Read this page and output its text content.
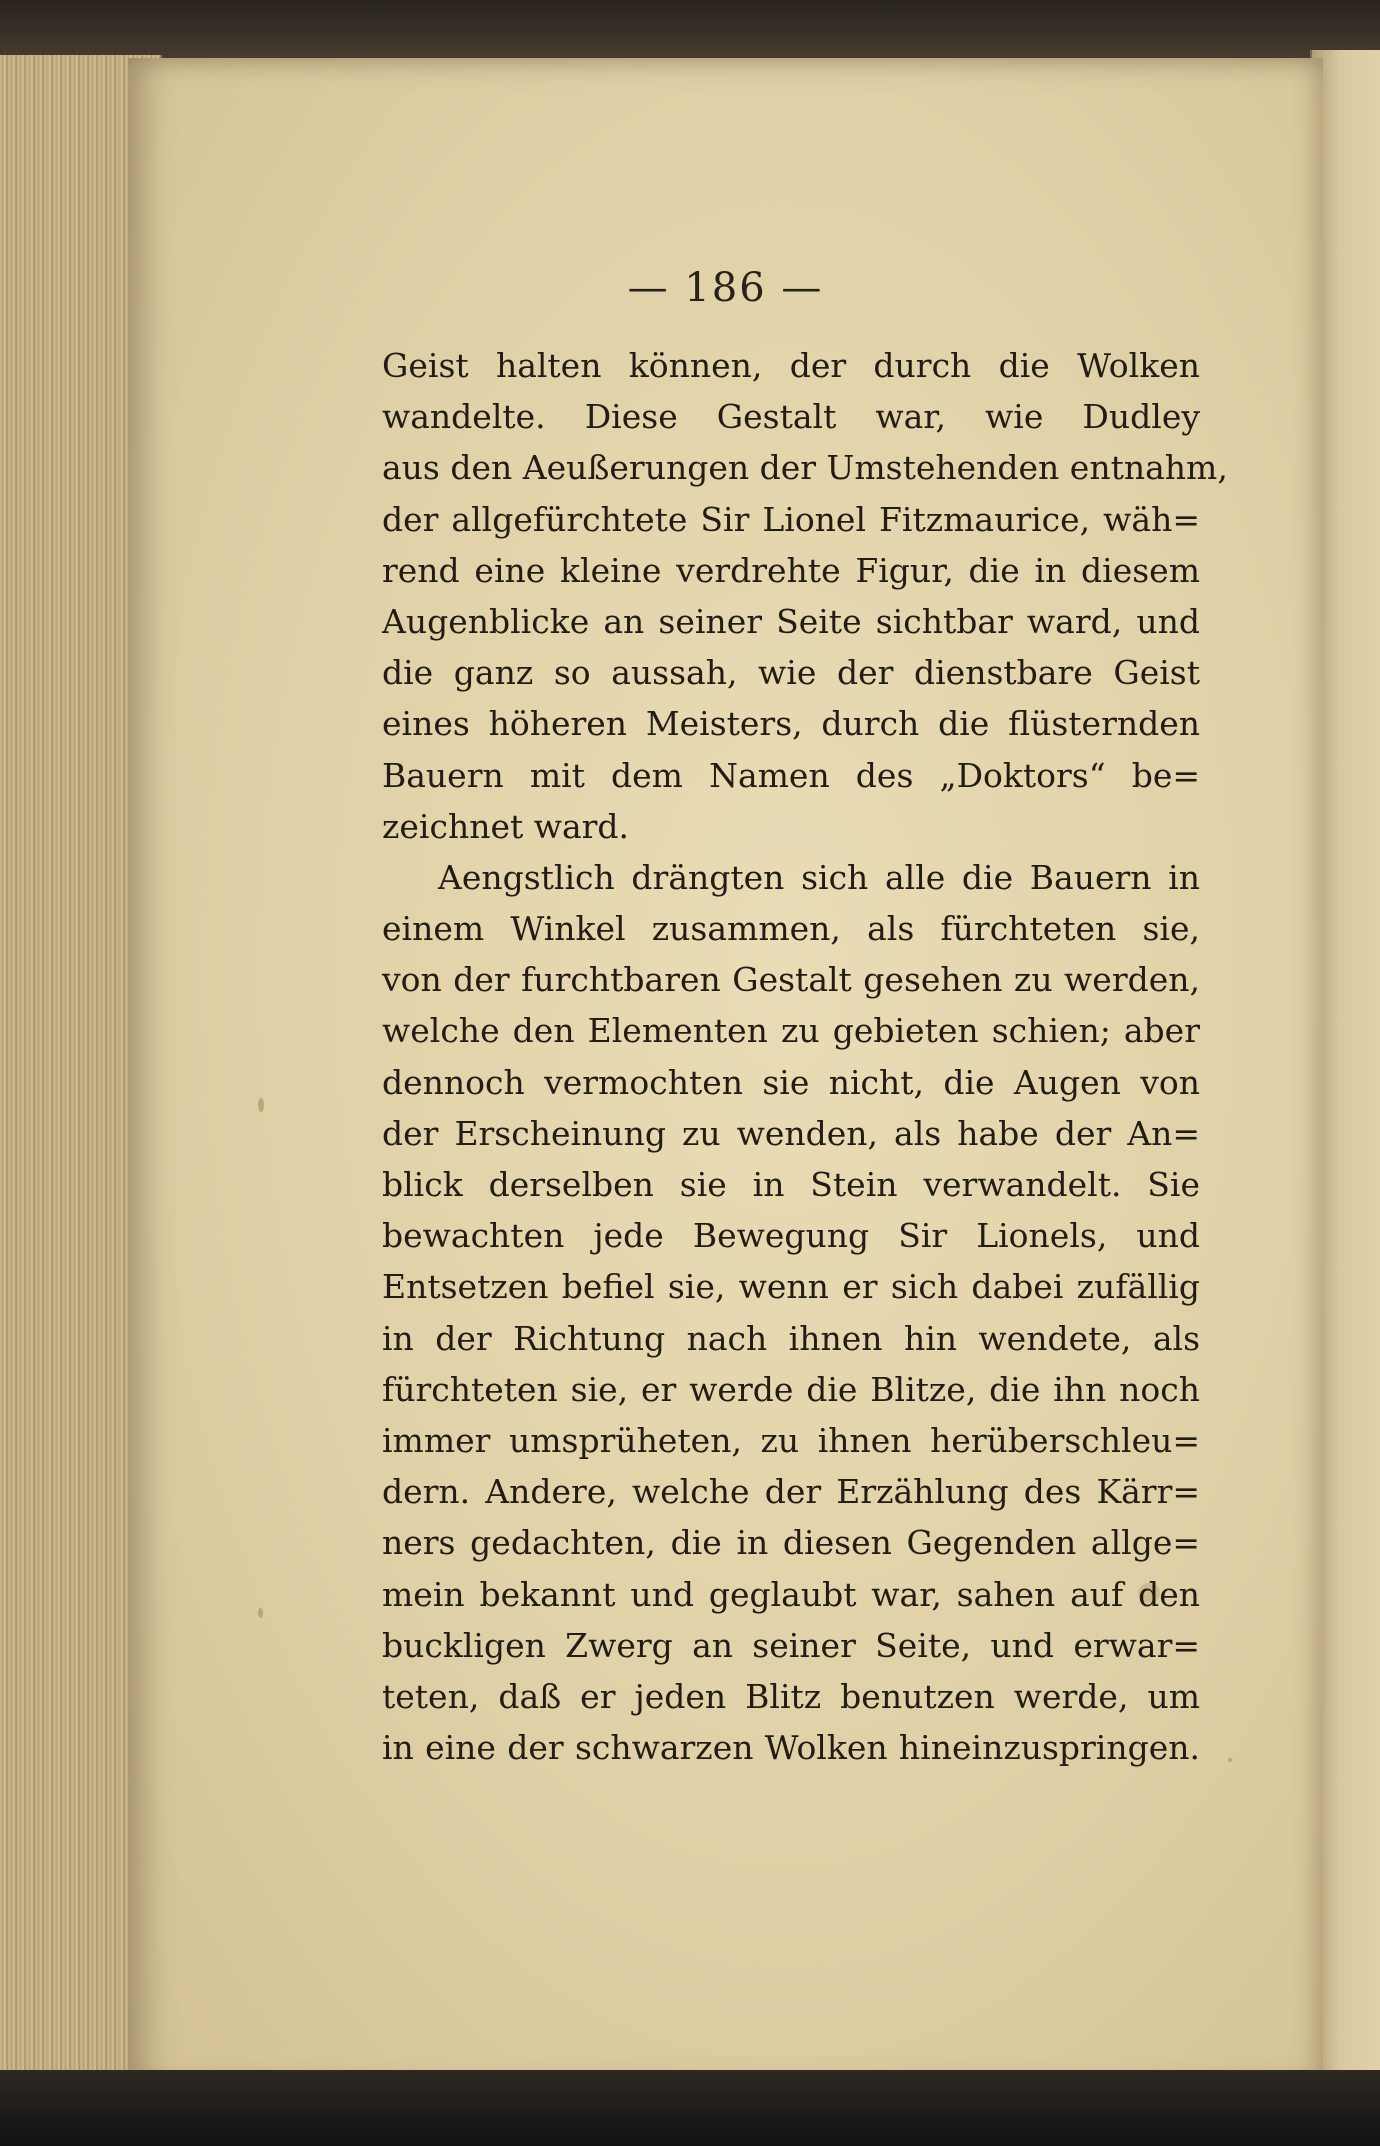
— 186 —
Geist halten können, der durch die Wolken
wandelte. Diese Gestalt war, wie Dudley
aus den Aeußerungen der Umstehenden entnahm,
der allgefürchtete Sir Lionel Fitzmaurice, wäh=
rend eine kleine verdrehte Figur, die in diesem
Augenblicke an seiner Seite sichtbar ward, und
die ganz so aussah, wie der dienstbare Geist
eines höheren Meisters, durch die flüsternden
Bauern mit dem Namen des „Doktors“ be=
zeichnet ward.
Aengstlich drängten sich alle die Bauern in
einem Winkel zusammen, als fürchteten sie,
von der furchtbaren Gestalt gesehen zu werden,
welche den Elementen zu gebieten schien; aber
dennoch vermochten sie nicht, die Augen von
der Erscheinung zu wenden, als habe der An=
blick derselben sie in Stein verwandelt. Sie
bewachten jede Bewegung Sir Lionels, und
Entsetzen befiel sie, wenn er sich dabei zufällig
in der Richtung nach ihnen hin wendete, als
fürchteten sie, er werde die Blitze, die ihn noch
immer umsprüheten, zu ihnen herüberschleu=
dern. Andere, welche der Erzählung des Kärr=
ners gedachten, die in diesen Gegenden allge=
mein bekannt und geglaubt war, sahen auf den
buckligen Zwerg an seiner Seite, und erwar=
teten, daß er jeden Blitz benutzen werde, um
in eine der schwarzen Wolken hineinzuspringen.
